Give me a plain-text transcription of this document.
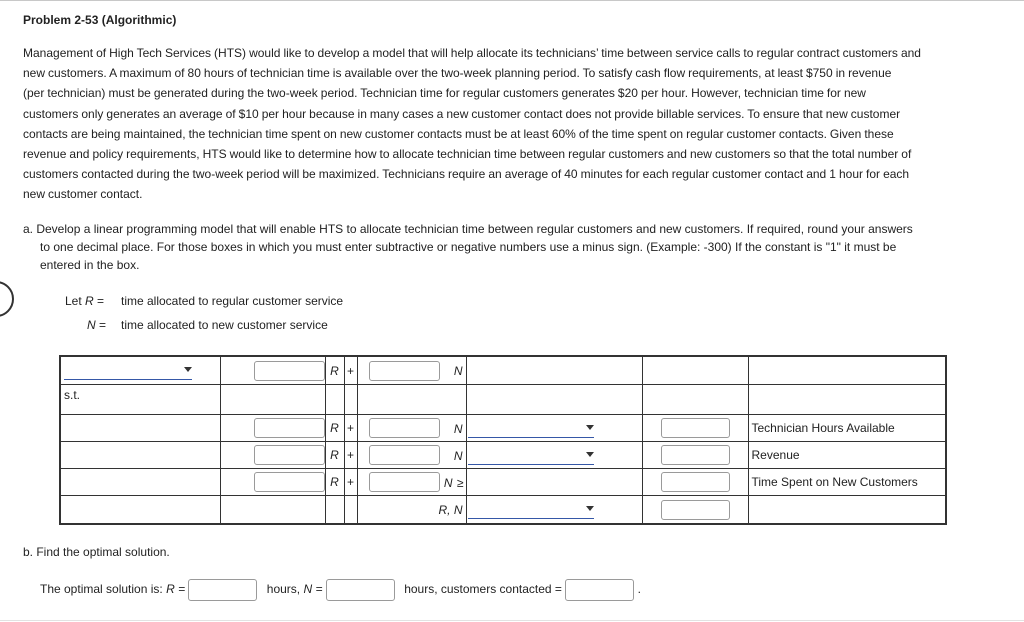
Problem 2-53 (Algorithmic)
Management of High Tech Services (HTS) would like to develop a model that will help allocate its technicians’ time between service calls to regular contract customers and
new customers. A maximum of 80 hours of technician time is available over the two-week planning period. To satisfy cash flow requirements, at least $750 in revenue
(per technician) must be generated during the two-week period. Technician time for regular customers generates $20 per hour. However, technician time for new
customers only generates an average of $10 per hour because in many cases a new customer contact does not provide billable services. To ensure that new customer
contacts are being maintained, the technician time spent on new customer contacts must be at least 60% of the time spent on regular customer contacts. Given these
revenue and policy requirements, HTS would like to determine how to allocate technician time between regular customers and new customers so that the total number of
customers contacted during the two-week period will be maximized. Technicians require an average of 40 minutes for each regular customer contact and 1 hour for each
new customer contact.
a. Develop a linear programming model that will enable HTS to allocate technician time between regular customers and new customers. If required, round your answers
to one decimal place. For those boxes in which you must enter subtractive or negative numbers use a minus sign. (Example: -300) If the constant is "1" it must be
entered in the box.
Let R = time allocated to regular customer service
N = time allocated to new customer service
			R	+	N			

s.t.								
			R	+	N			Technician Hours Available
			R	+	N			Revenue
			R	+	N ≥			Time Spent on New Customers

					R, N			

b. Find the optimal solution.
The optimal solution is: R =	hours, N =	hours, customers contacted =	.
